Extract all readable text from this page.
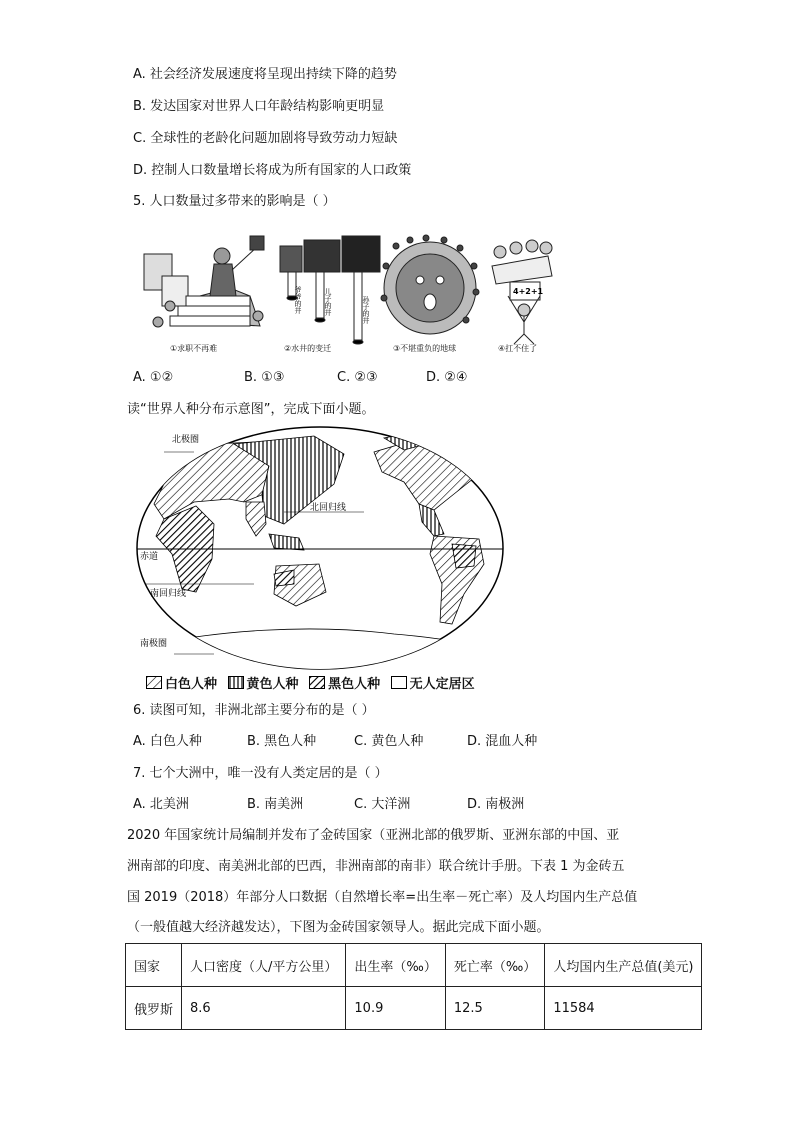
A. 社会经济发展速度将呈现出持续下降的趋势
B. 发达国家对世界人口年龄结构影响更明显
C. 全球性的老龄化问题加剧将导致劳动力短缺
D. 控制人口数量增长将成为所有国家的人口政策
5. 人口数量过多带来的影响是（ ）
爷爷的井	儿子的井	孙子的井
4+2+1
①求职不再难	②水井的变迁	③不堪重负的地球	④扛不住了
A. ①②	B. ①③	C. ②③	D. ②④
读“世界人种分布示意图”，完成下面小题。
北极圈
北回归线
赤道
南回归线
南极圈
白色人种 黄色人种 黑色人种 无人定居区
6. 读图可知，非洲北部主要分布的是（ ）
A. 白色人种	B. 黑色人种	C. 黄色人种	D. 混血人种
7. 七个大洲中，唯一没有人类定居的是（ ）
A. 北美洲	B. 南美洲	C. 大洋洲	D. 南极洲
2020 年国家统计局编制并发布了金砖国家（亚洲北部的俄罗斯、亚洲东部的中国、亚
洲南部的印度、南美洲北部的巴西，非洲南部的南非）联合统计手册。下表 1 为金砖五
国 2019（2018）年部分人口数据（自然增长率=出生率－死亡率）及人均国内生产总值
（一般值越大经济越发达），下图为金砖国家领导人。据此完成下面小题。
国家	人口密度（人/平方公里）	出生率（‰）	死亡率（‰）	人均国内生产总值(美元)
俄罗斯	8.6	10.9	12.5	11584
